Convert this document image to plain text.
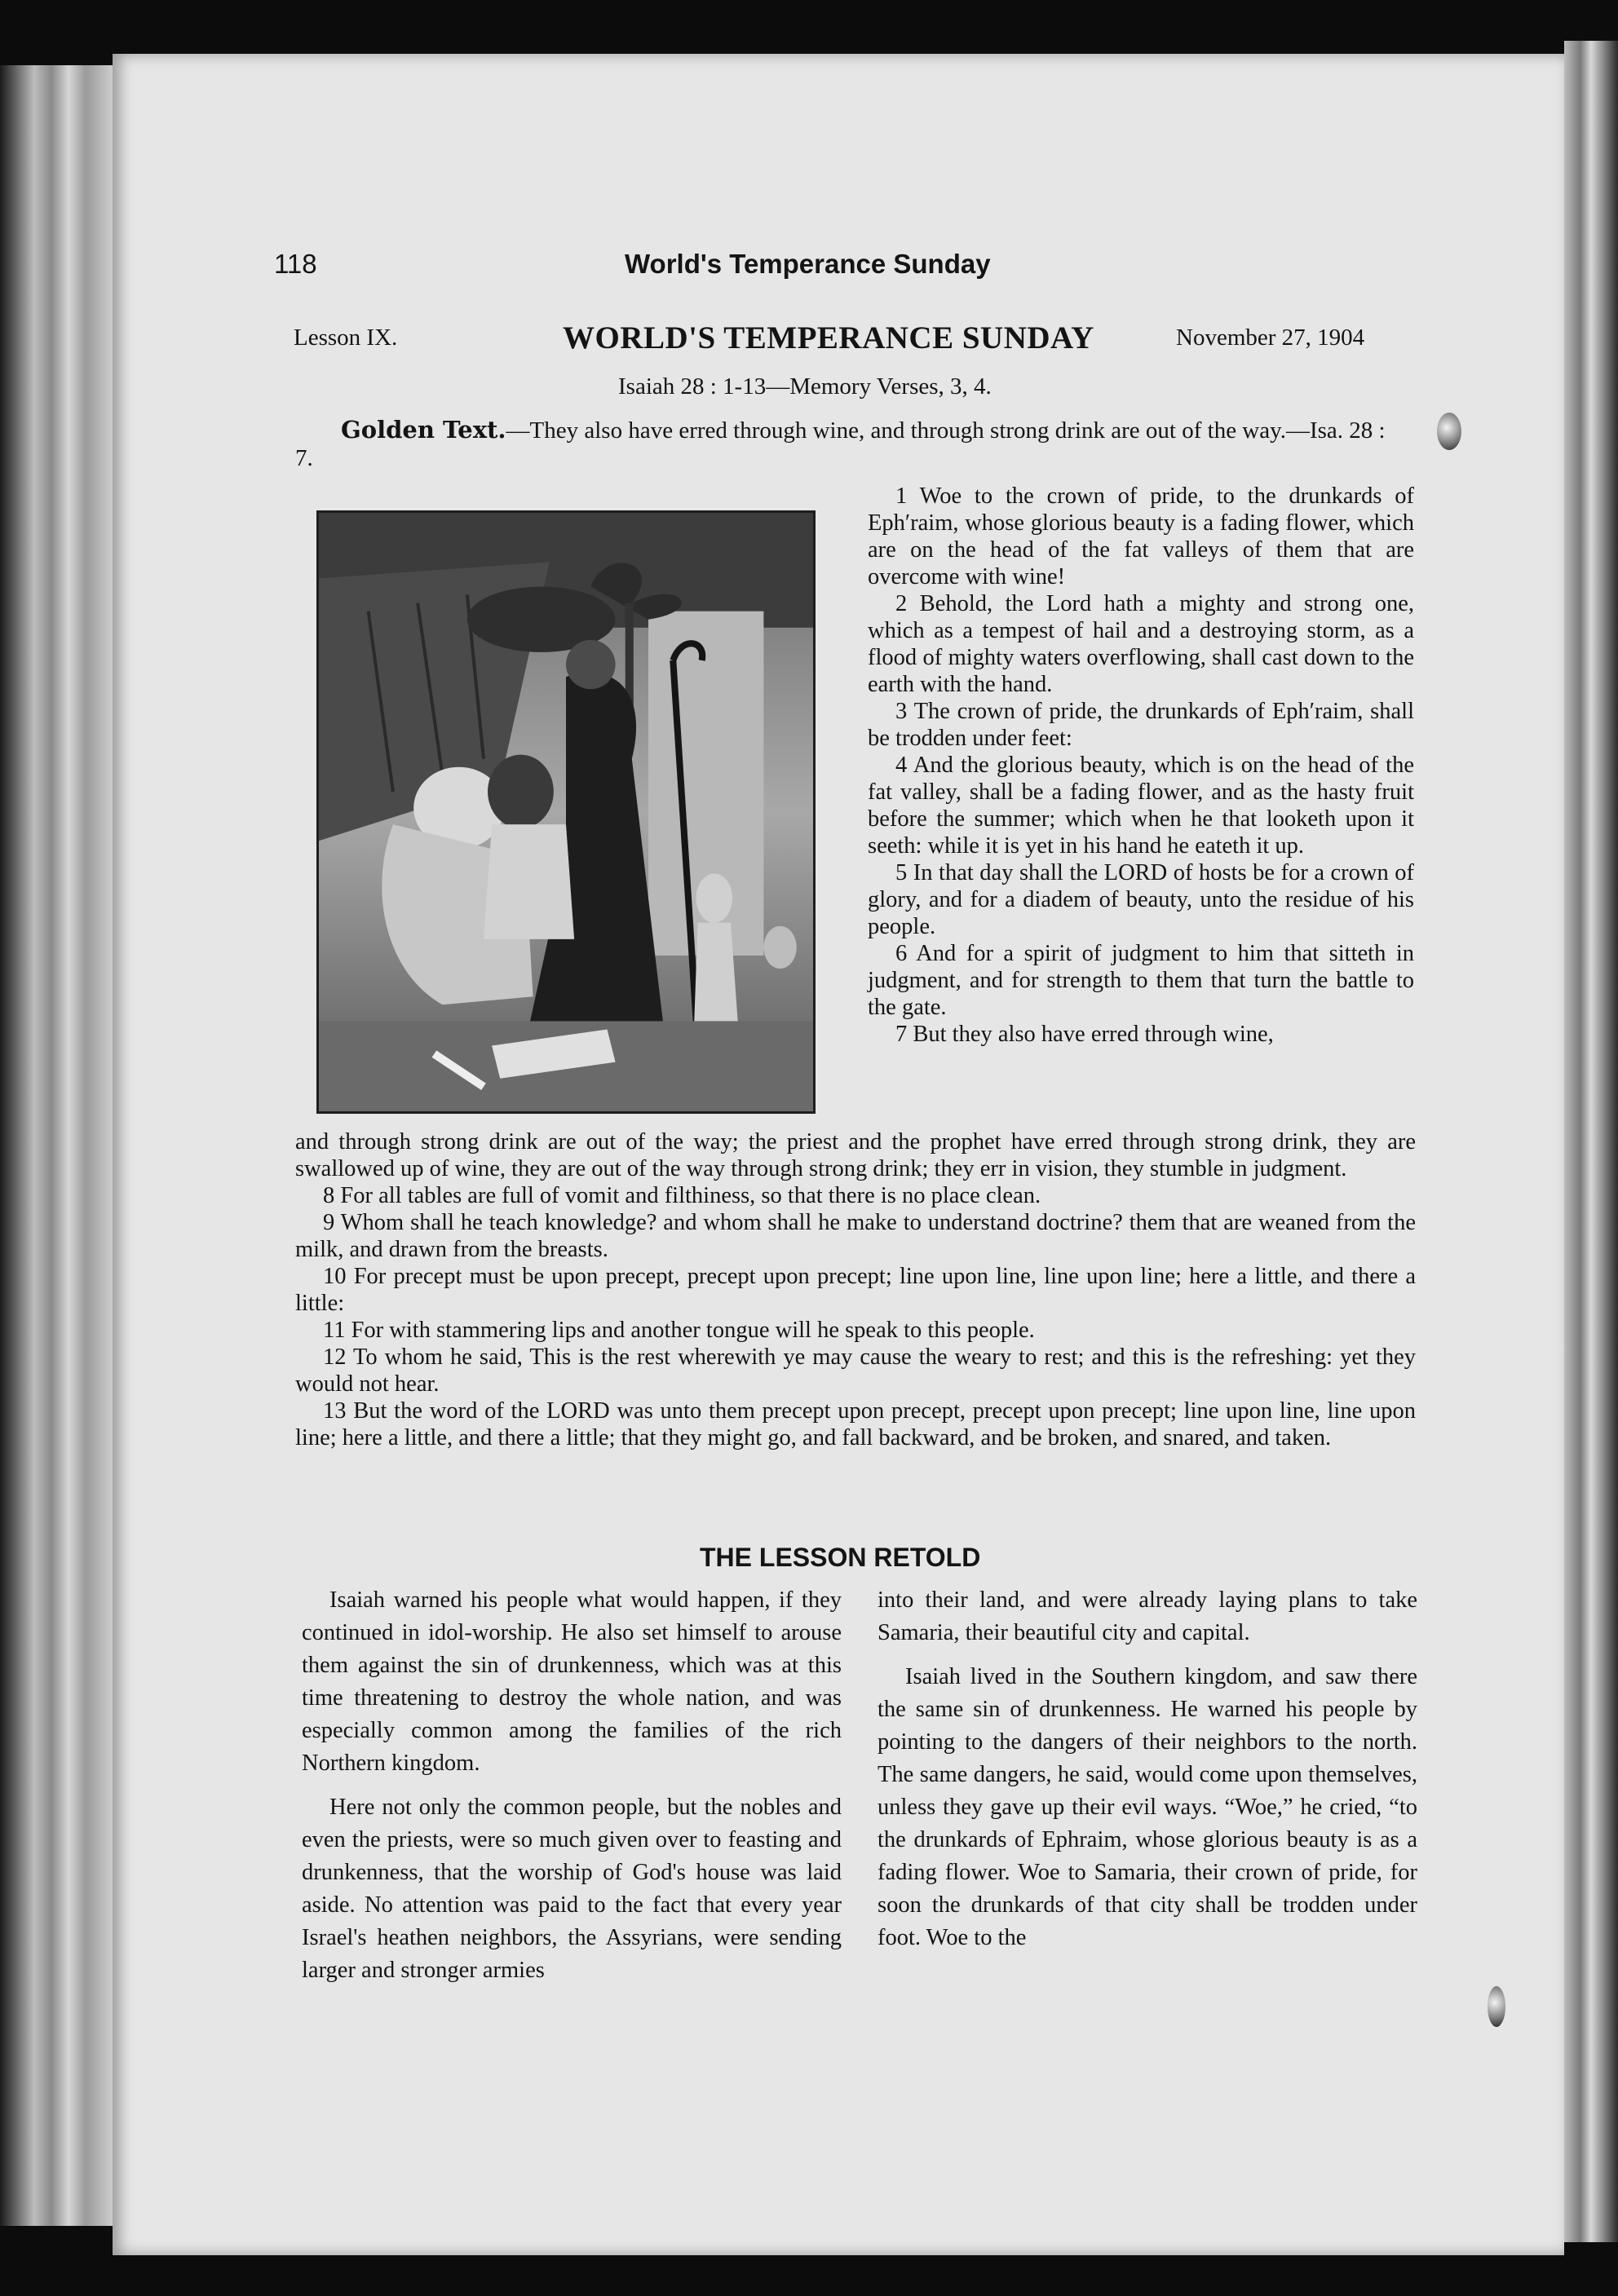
118	World's Temperance Sunday
Lesson IX.	WORLD'S TEMPERANCE SUNDAY	November 27, 1904
Isaiah 28 : 1-13—Memory Verses, 3, 4.
Golden Text.—They also have erred through wine, and through strong drink are out of the way.—Isa. 28 : 7.

1 Woe to the crown of pride, to the drunkards of Eph′raim, whose glorious beauty is a fading flower, which are on the head of the fat valleys of them that are overcome with wine!

2 Behold, the Lord hath a mighty and strong one, which as a tempest of hail and a destroying storm, as a flood of mighty waters overflowing, shall cast down to the earth with the hand.

3 The crown of pride, the drunkards of Eph′raim, shall be trodden under feet:

4 And the glorious beauty, which is on the head of the fat valley, shall be a fading flower, and as the hasty fruit before the summer; which when he that looketh upon it seeth: while it is yet in his hand he eateth it up.

5 In that day shall the LORD of hosts be for a crown of glory, and for a diadem of beauty, unto the residue of his people.

6 And for a spirit of judgment to him that sitteth in judgment, and for strength to them that turn the battle to the gate.

7 But they also have erred through wine,

and through strong drink are out of the way; the priest and the prophet have erred through strong drink, they are swallowed up of wine, they are out of the way through strong drink; they err in vision, they stumble in judgment.

8 For all tables are full of vomit and filthiness, so that there is no place clean.

9 Whom shall he teach knowledge? and whom shall he make to understand doctrine? them that are weaned from the milk, and drawn from the breasts.

10 For precept must be upon precept, precept upon precept; line upon line, line upon line; here a little, and there a little:

11 For with stammering lips and another tongue will he speak to this people.

12 To whom he said, This is the rest wherewith ye may cause the weary to rest; and this is the refreshing: yet they would not hear.

13 But the word of the LORD was unto them precept upon precept, precept upon precept; line upon line, line upon line; here a little, and there a little; that they might go, and fall backward, and be broken, and snared, and taken.

THE LESSON RETOLD

Isaiah warned his people what would happen, if they continued in idol-worship. He also set himself to arouse them against the sin of drunkenness, which was at this time threatening to destroy the whole nation, and was especially common among the families of the rich Northern kingdom.

Here not only the common people, but the nobles and even the priests, were so much given over to feasting and drunkenness, that the worship of God's house was laid aside. No attention was paid to the fact that every year Israel's heathen neighbors, the Assyrians, were sending larger and stronger armies

into their land, and were already laying plans to take Samaria, their beautiful city and capital.

Isaiah lived in the Southern kingdom, and saw there the same sin of drunkenness. He warned his people by pointing to the dangers of their neighbors to the north. The same dangers, he said, would come upon themselves, unless they gave up their evil ways. “Woe,” he cried, “to the drunkards of Ephraim, whose glorious beauty is as a fading flower. Woe to Samaria, their crown of pride, for soon the drunkards of that city shall be trodden under foot. Woe to the
